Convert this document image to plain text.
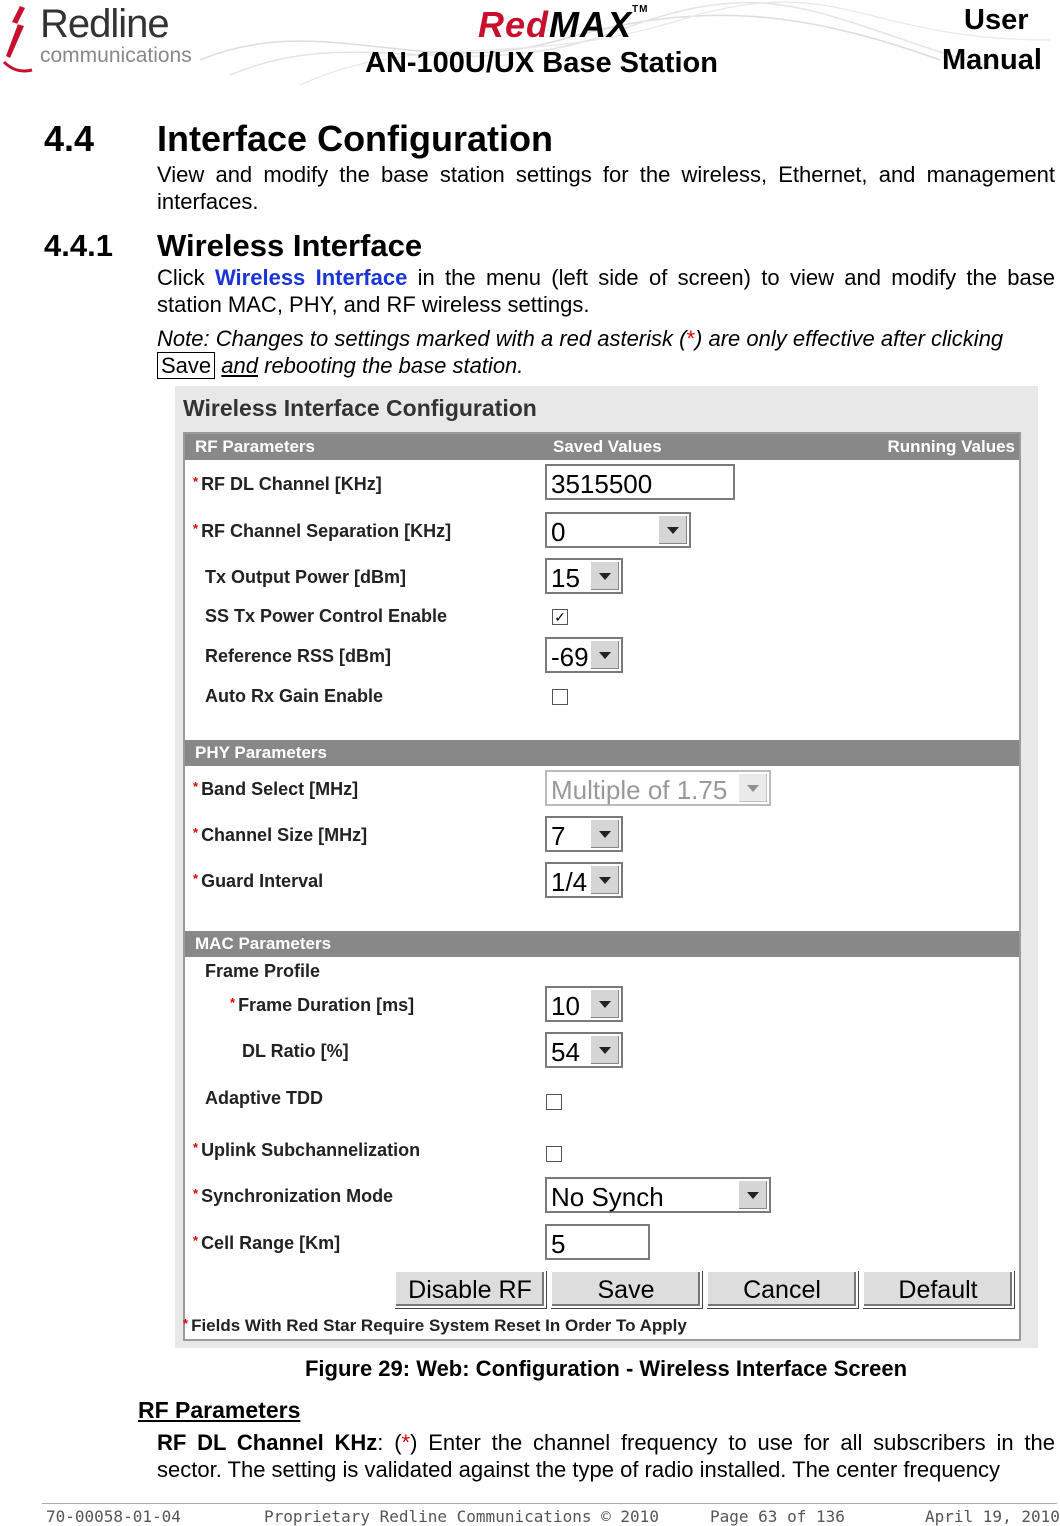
Redline
communications
RedMAX™
AN-100U/UX Base Station
User
Manual
4.4 Interface Configuration
View and modify the base station settings for the wireless, Ethernet, and management interfaces.
4.4.1 Wireless Interface
Click Wireless Interface in the menu (left side of screen) to view and modify the base station MAC, PHY, and RF wireless settings.
Note: Changes to settings marked with a red asterisk (*) are only effective after clicking
Save and rebooting the base station.
Wireless Interface Configuration
RF Parameters	Saved Values	Running Values
* RF DL Channel [KHz]	3515500
* RF Channel Separation [KHz]	0
Tx Output Power [dBm]	15
SS Tx Power Control Enable	✓
Reference RSS [dBm]	-69
Auto Rx Gain Enable
PHY Parameters
* Band Select [MHz]	Multiple of 1.75
* Channel Size [MHz]	7
* Guard Interval	1/4
MAC Parameters
Frame Profile
* Frame Duration [ms]	10
DL Ratio [%]	54
Adaptive TDD
* Uplink Subchannelization
* Synchronization Mode	No Synch
* Cell Range [Km]	5
Disable RF	Save	Cancel	Default
* Fields With Red Star Require System Reset In Order To Apply
Figure 29: Web: Configuration - Wireless Interface Screen
RF Parameters
RF DL Channel KHz: (*) Enter the channel frequency to use for all subscribers in the sector. The setting is validated against the type of radio installed. The center frequency
70-00058-01-04	Proprietary Redline Communications © 2010	Page 63 of 136	April 19, 2010
